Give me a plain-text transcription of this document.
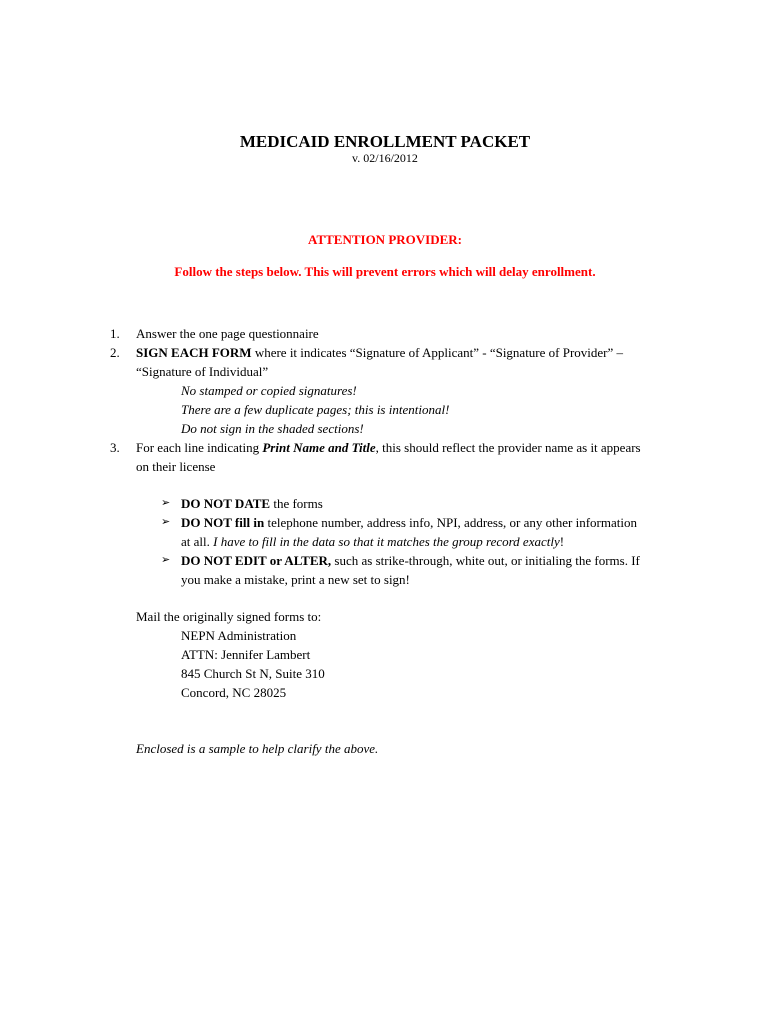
MEDICAID ENROLLMENT PACKET
v. 02/16/2012
ATTENTION PROVIDER:
Follow the steps below. This will prevent errors which will delay enrollment.
1.	Answer the one page questionnaire
2.	SIGN EACH FORM where it indicates “Signature of Applicant” - “Signature of Provider” –
“Signature of Individual”
No stamped or copied signatures!
There are a few duplicate pages; this is intentional!
Do not sign in the shaded sections!
3.	For each line indicating Print Name and Title, this should reflect the provider name as it appears
on their license
➢ DO NOT DATE the forms
➢ DO NOT fill in telephone number, address info, NPI, address, or any other information
at all. I have to fill in the data so that it matches the group record exactly!
➢ DO NOT EDIT or ALTER, such as strike-through, white out, or initialing the forms. If
you make a mistake, print a new set to sign!
Mail the originally signed forms to:
NEPN Administration
ATTN: Jennifer Lambert
845 Church St N, Suite 310
Concord, NC 28025
Enclosed is a sample to help clarify the above.
